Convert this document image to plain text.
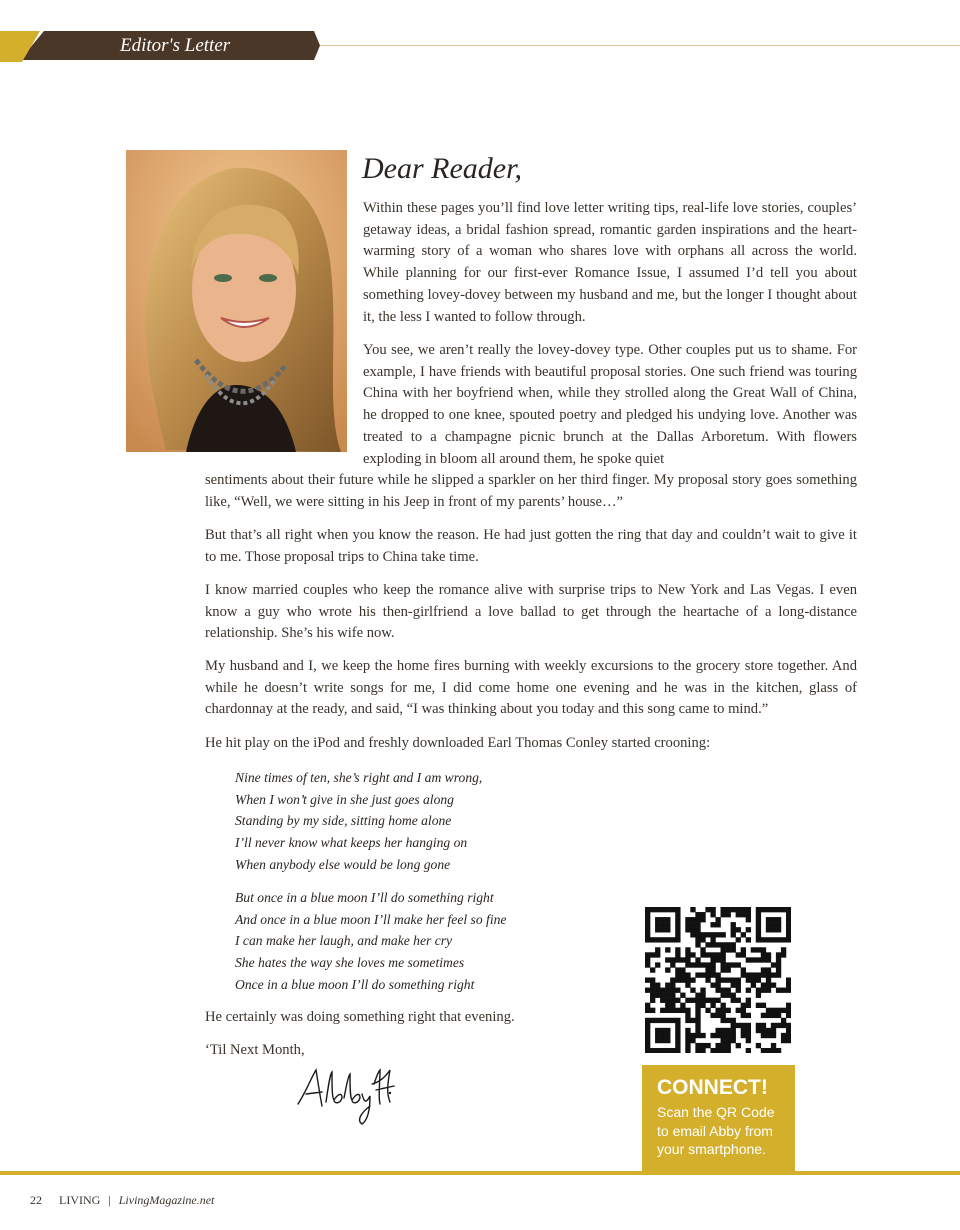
Editor's Letter
Dear Reader,

Within these pages you’ll find love letter writing tips, real-life love stories, couples’ getaway ideas, a bridal fashion spread, romantic garden inspirations and the heart-warming story of a woman who shares love with orphans all across the world. While planning for our first-ever Romance Issue, I assumed I’d tell you about something lovey-dovey between my husband and me, but the longer I thought about it, the less I wanted to follow through.

You see, we aren’t really the lovey-dovey type. Other couples put us to shame. For example, I have friends with beautiful proposal stories. One such friend was touring China with her boyfriend when, while they strolled along the Great Wall of China, he dropped to one knee, spouted poetry and pledged his undying love. Another was treated to a champagne picnic brunch at the Dallas Arboretum. With flowers exploding in bloom all around them, he spoke quiet

sentiments about their future while he slipped a sparkler on her third finger. My proposal story goes something like, “Well, we were sitting in his Jeep in front of my parents’ house…”

But that’s all right when you know the reason. He had just gotten the ring that day and couldn’t wait to give it to me. Those proposal trips to China take time.

I know married couples who keep the romance alive with surprise trips to New York and Las Vegas. I even know a guy who wrote his then-girlfriend a love ballad to get through the heartache of a long-distance relationship. She’s his wife now.

My husband and I, we keep the home fires burning with weekly excursions to the grocery store together. And while he doesn’t write songs for me, I did come home one evening and he was in the kitchen, glass of chardonnay at the ready, and said, “I was thinking about you today and this song came to mind.”

He hit play on the iPod and freshly downloaded Earl Thomas Conley started crooning:

Nine times of ten, she’s right and I am wrong,
When I won’t give in she just goes along
Standing by my side, sitting home alone
I’ll never know what keeps her hanging on
When anybody else would be long gone
But once in a blue moon I’ll do something right
And once in a blue moon I’ll make her feel so fine
I can make her laugh, and make her cry
She hates the way she loves me sometimes
Once in a blue moon I’ll do something right

He certainly was doing something right that evening.

‘Til Next Month,

CONNECT!
Scan the QR Code
to email Abby from
your smartphone.
22 LIVING | LivingMagazine.net
